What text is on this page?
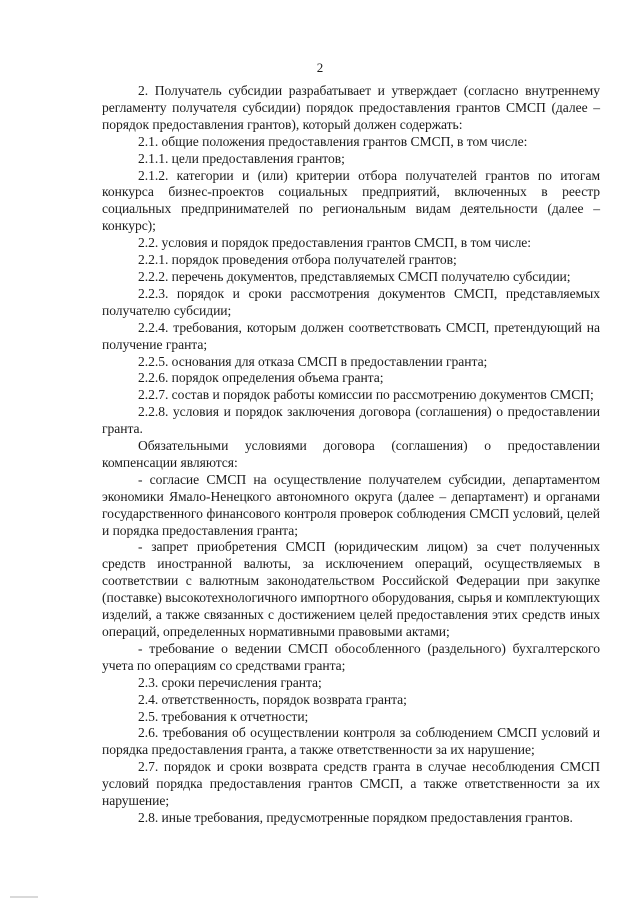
2

2. Получатель субсидии разрабатывает и утверждает (согласно внутреннему регламенту получателя субсидии) порядок предоставления грантов СМСП (далее – порядок предоставления грантов), который должен содержать:

2.1. общие положения предоставления грантов СМСП, в том числе:

2.1.1. цели предоставления грантов;

2.1.2. категории и (или) критерии отбора получателей грантов по итогам конкурса бизнес-проектов социальных предприятий, включенных в реестр социальных предпринимателей по региональным видам деятельности (далее – конкурс);

2.2. условия и порядок предоставления грантов СМСП, в том числе:

2.2.1. порядок проведения отбора получателей грантов;

2.2.2. перечень документов, представляемых СМСП получателю субсидии;

2.2.3. порядок и сроки рассмотрения документов СМСП, представляемых получателю субсидии;

2.2.4. требования, которым должен соответствовать СМСП, претендующий на получение гранта;

2.2.5. основания для отказа СМСП в предоставлении гранта;

2.2.6. порядок определения объема гранта;

2.2.7. состав и порядок работы комиссии по рассмотрению документов СМСП;

2.2.8. условия и порядок заключения договора (соглашения) о предоставлении гранта.

Обязательными условиями договора (соглашения) о предоставлении компенсации являются:

- согласие СМСП на осуществление получателем субсидии, департаментом экономики Ямало-Ненецкого автономного округа (далее – департамент) и органами государственного финансового контроля проверок соблюдения СМСП условий, целей и порядка предоставления гранта;

- запрет приобретения СМСП (юридическим лицом) за счет полученных средств иностранной валюты, за исключением операций, осуществляемых в соответствии с валютным законодательством Российской Федерации при закупке (поставке) высокотехнологичного импортного оборудования, сырья и комплектующих изделий, а также связанных с достижением целей предоставления этих средств иных операций, определенных нормативными правовыми актами;

- требование о ведении СМСП обособленного (раздельного) бухгалтерского учета по операциям со средствами гранта;

2.3. сроки перечисления гранта;

2.4. ответственность, порядок возврата гранта;

2.5. требования к отчетности;

2.6. требования об осуществлении контроля за соблюдением СМСП условий и порядка предоставления гранта, а также ответственности за их нарушение;

2.7. порядок и сроки возврата средств гранта в случае несоблюдения СМСП условий порядка предоставления грантов СМСП, а также ответственности за их нарушение;

2.8. иные требования, предусмотренные порядком предоставления грантов.
